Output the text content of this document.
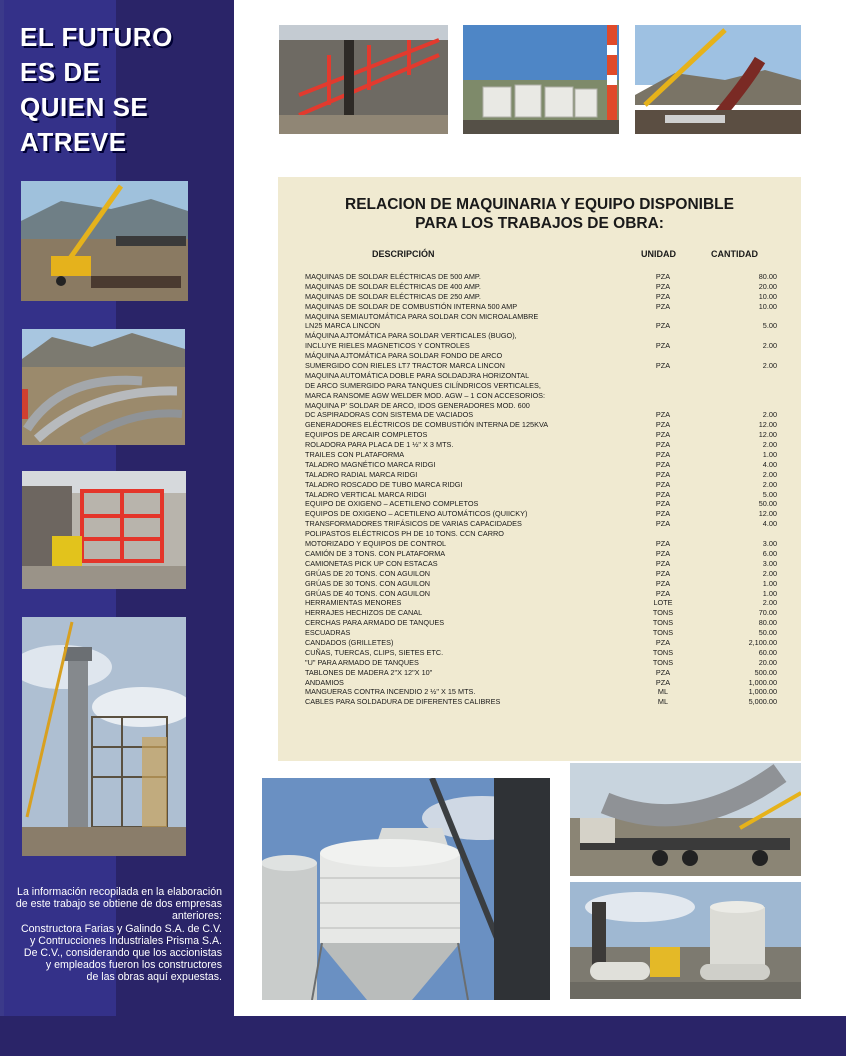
EL FUTURO
ES DE
QUIEN SE
ATREVE
La información recopilada en la elaboración
de este trabajo se obtiene de dos empresas
anteriores:
Constructora Farias y Galindo S.A. de C.V.
y Contrucciones Industriales Prisma S.A.
De C.V., considerando que los accionistas
y empleados fueron los constructores
de las obras aquí expuestas.
RELACION DE MAQUINARIA Y EQUIPO DISPONIBLE
PARA LOS TRABAJOS DE OBRA:
DESCRIPCIÓN	UNIDAD	CANTIDAD
MAQUINAS DE SOLDAR ELÉCTRICAS DE 500 AMP.	PZA	80.00
MAQUINAS DE SOLDAR ELÉCTRICAS DE 400 AMP.	PZA	20.00
MAQUINAS DE SOLDAR ELÉCTRICAS DE 250 AMP.	PZA	10.00
MAQUINAS DE SOLDAR DE COMBUSTIÓN INTERNA 500 AMP	PZA	10.00
MAQUINA SEMIAUTOMÁTICA PARA SOLDAR CON MICROALAMBRE
LN25 MARCA LINCON	PZA	5.00
MÁQUINA AJTOMÁTICA PARA SOLDAR VERTICALES (BUGO),
INCLUYE RIELES MAGNETICOS Y CONTROLES	PZA	2.00
MÁQUINA AJTOMÁTICA PARA SOLDAR FONDO DE ARCO
SUMERGIDO CON RIELES LT7 TRACTOR MARCA LINCON	PZA	2.00
MAQUINA AUTOMÁTICA DOBLE PARA SOLDADJRA HORIZONTAL
DE ARCO SUMERGIDO PARA TANQUES CILÍNDRICOS VERTICALES,
MARCA RANSOME AGW WELDER MOD. AGW – 1 CON ACCESORIOS:
MAQUINA P' SOLDAR DE ARCO, IDOS GENERADORES MOD. 600
DC ASPIRADORAS CON SISTEMA DE VACIADOS	PZA	2.00
GENERADORES ELÉCTRICOS DE COMBUSTIÓN INTERNA DE 125KVA	PZA	12.00
EQUIPOS DE ARCAIR COMPLETOS	PZA	12.00
ROLADORA PARA PLACA DE 1 ½" X 3 MTS.	PZA	2.00
TRAILES CON PLATAFORMA	PZA	1.00
TALADRO MAGNÉTICO MARCA RIDGI	PZA	4.00
TALADRO RADIAL MARCA RIDGI	PZA	2.00
TALADRO ROSCADO DE TUBO MARCA RIDGI	PZA	2.00
TALADRO VERTICAL MARCA RIDGI	PZA	5.00
EQUIPO DE OXIGENO – ACETILENO COMPLETOS	PZA	50.00
EQUIPOS DE OXIGENO – ACETILENO AUTOMÁTICOS (QUIICKY)	PZA	12.00
TRANSFORMADORES TRIFÁSICOS DE VARIAS CAPACIDADES	PZA	4.00
POLIPASTOS ELÉCTRICOS PH DE 10 TONS. CCN CARRO
MOTORIZADO Y EQUIPOS DE CONTROL	PZA	3.00
CAMIÓN DE 3 TONS. CON PLATAFORMA	PZA	6.00
CAMIONETAS PICK UP CON ESTACAS	PZA	3.00
GRÚAS DE 20 TONS. CON AGUILON	PZA	2.00
GRÚAS DE 30 TONS. CON AGUILON	PZA	1.00
GRÚAS DE 40 TONS. CON AGUILON	PZA	1.00
HERRAMIENTAS MENORES	LOTE	2.00
HERRAJES HECHIZOS DE CANAL	TONS	70.00
CERCHAS PARA ARMADO DE TANQUES	TONS	80.00
ESCUADRAS	TONS	50.00
CANDADOS (GRILLETES)	PZA	2,100.00
CUÑAS, TUERCAS, CLIPS, SIETES ETC.	TONS	60.00
"U" PARA ARMADO DE TANQUES	TONS	20.00
TABLONES DE MADERA 2"X 12"X 10"	PZA	500.00
ANDAMIOS	PZA	1,000.00
MANGUERAS CONTRA INCENDIO 2 ½" X 15 MTS.	ML	1,000.00
CABLES PARA SOLDADURA DE DIFERENTES CALIBRES	ML	5,000.00
